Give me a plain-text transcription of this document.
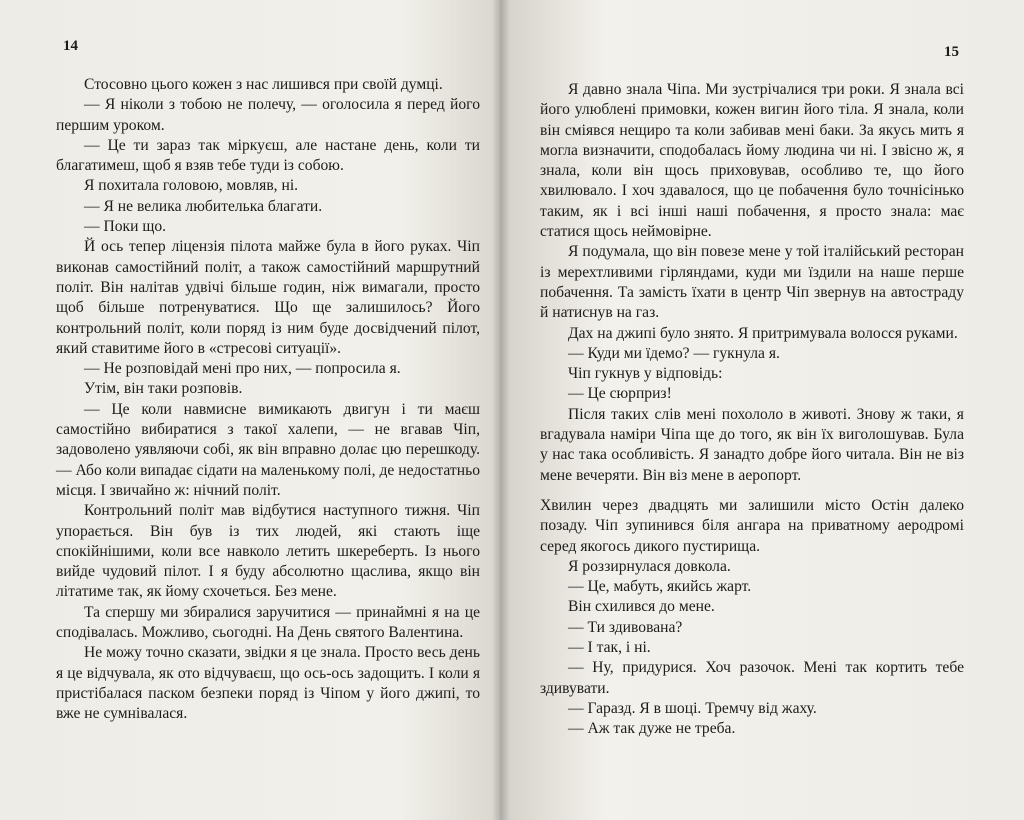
14

Стосовно цього кожен з нас лишився при своїй думці.

— Я ніколи з тобою не полечу, — оголосила я перед його першим уроком.

— Це ти зараз так міркуєш, але настане день, коли ти благатимеш, щоб я взяв тебе туди із собою.

Я похитала головою, мовляв, ні.

— Я не велика любителька благати.

— Поки що.

Й ось тепер ліцензія пілота майже була в його руках. Чіп виконав самостійний політ, а також самостійний маршрутний політ. Він налітав удвічі більше годин, ніж вимагали, просто щоб більше потренуватися. Що ще залишилось? Його контрольний політ, коли поряд із ним буде досвідчений пілот, який ставитиме його в «стресові ситуації».

— Не розповідай мені про них, — попросила я.

Утім, він таки розповів.

— Це коли навмисне вимикають двигун і ти маєш самостійно вибиратися з такої халепи, — не вгавав Чіп, задоволено уявляючи собі, як він вправно долає цю перешкоду. — Або коли випадає сідати на маленькому полі, де недостатньо місця. І звичайно ж: нічний політ.

Контрольний політ мав відбутися наступного тижня. Чіп упорається. Він був із тих людей, які стають іще спокійнішими, коли все навколо летить шкереберть. Із нього вийде чудовий пілот. І я буду абсолютно щаслива, якщо він літатиме так, як йому схочеться. Без мене.

Та спершу ми збиралися заручитися — принаймні я на це сподівалась. Можливо, сьогодні. На День святого Валентина.

Не можу точно сказати, звідки я це знала. Просто весь день я це відчувала, як ото відчуваєш, що ось-ось задощить. І коли я пристібалася паском безпеки поряд із Чіпом у його джипі, то вже не сумнівалася.

15

Я давно знала Чіпа. Ми зустрічалися три роки. Я знала всі його улюблені примовки, кожен вигин його тіла. Я знала, коли він сміявся нещиро та коли забивав мені баки. За якусь мить я могла визначити, сподобалась йому людина чи ні. І звісно ж, я знала, коли він щось приховував, особливо те, що його хвилювало. І хоч здавалося, що це побачення було точнісінько таким, як і всі інші наші побачення, я просто знала: має статися щось неймовірне.

Я подумала, що він повезе мене у той італійський ресторан із мерехтливими гірляндами, куди ми їздили на наше перше побачення. Та замість їхати в центр Чіп звернув на автостраду й натиснув на газ.

Дах на джипі було знято. Я притримувала волосся руками.

— Куди ми їдемо? — гукнула я.

Чіп гукнув у відповідь:

— Це сюрприз!

Після таких слів мені похололо в животі. Знову ж таки, я вгадувала наміри Чіпа ще до того, як він їх виголошував. Була у нас така особливість. Я занадто добре його читала. Він не віз мене вечеряти. Він віз мене в аеропорт.

Хвилин через двадцять ми залишили місто Остін далеко позаду. Чіп зупинився біля ангара на приватному аеродромі серед якогось дикого пустирища.

Я роззирнулася довкола.

— Це, мабуть, якийсь жарт.

Він схилився до мене.

— Ти здивована?

— І так, і ні.

— Ну, придурися. Хоч разочок. Мені так кортить тебе здивувати.

— Гаразд. Я в шоці. Тремчу від жаху.

— Аж так дуже не треба.
